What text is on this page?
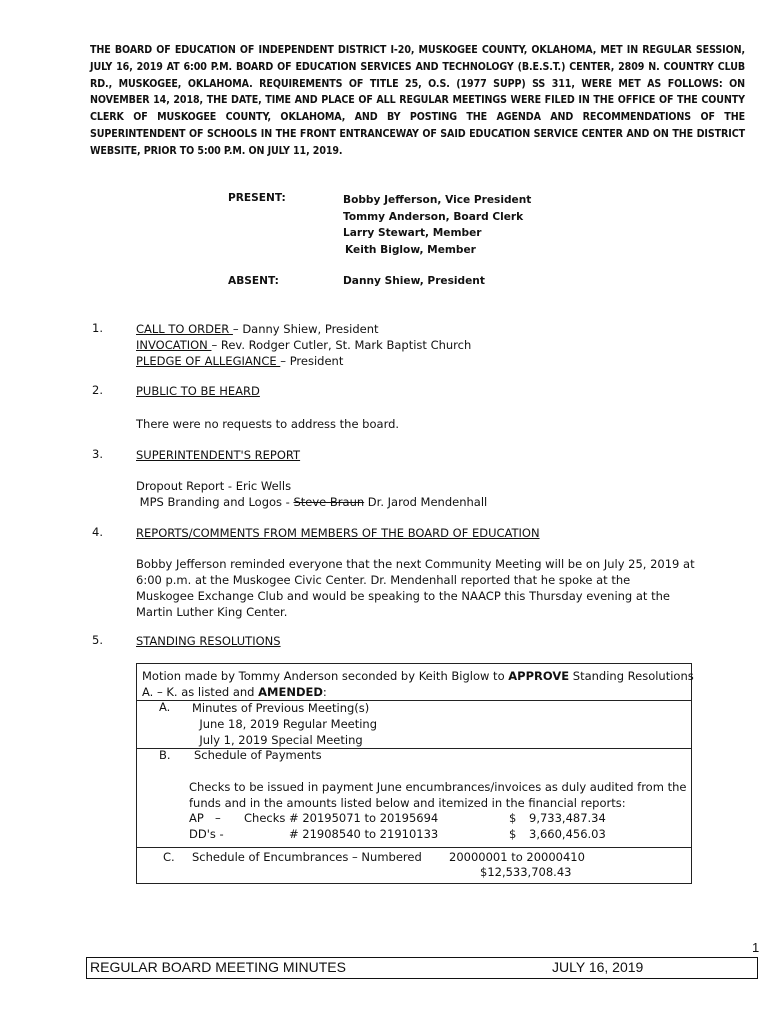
THE BOARD OF EDUCATION OF INDEPENDENT DISTRICT I-20, MUSKOGEE COUNTY, OKLAHOMA, MET IN REGULAR SESSION, JULY 16, 2019 AT 6:00 P.M. BOARD OF EDUCATION SERVICES AND TECHNOLOGY (B.E.S.T.) CENTER, 2809 N. COUNTRY CLUB RD., MUSKOGEE, OKLAHOMA. REQUIREMENTS OF TITLE 25, O.S. (1977 SUPP) SS 311, WERE MET AS FOLLOWS: ON NOVEMBER 14, 2018, THE DATE, TIME AND PLACE OF ALL REGULAR MEETINGS WERE FILED IN THE OFFICE OF THE COUNTY CLERK OF MUSKOGEE COUNTY, OKLAHOMA, AND BY POSTING THE AGENDA AND RECOMMENDATIONS OF THE SUPERINTENDENT OF SCHOOLS IN THE FRONT ENTRANCEWAY OF SAID EDUCATION SERVICE CENTER AND ON THE DISTRICT WEBSITE, PRIOR TO 5:00 P.M. ON JULY 11, 2019.
PRESENT:	Bobby Jefferson, Vice President
Tommy Anderson, Board Clerk
Larry Stewart, Member
Keith Biglow, Member
ABSENT:	Danny Shiew, President
1.	CALL TO ORDER – Danny Shiew, President
INVOCATION – Rev. Rodger Cutler, St. Mark Baptist Church
PLEDGE OF ALLEGIANCE – President
2.	PUBLIC TO BE HEARD
There were no requests to address the board.
3.	SUPERINTENDENT'S REPORT
Dropout Report - Eric Wells
MPS Branding and Logos - Steve Braun Dr. Jarod Mendenhall
4.	REPORTS/COMMENTS FROM MEMBERS OF THE BOARD OF EDUCATION
Bobby Jefferson reminded everyone that the next Community Meeting will be on July 25, 2019 at
6:00 p.m. at the Muskogee Civic Center. Dr. Mendenhall reported that he spoke at the
Muskogee Exchange Club and would be speaking to the NAACP this Thursday evening at the
Martin Luther King Center.
5.	STANDING RESOLUTIONS
Motion made by Tommy Anderson seconded by Keith Biglow to APPROVE Standing Resolutions
A. – K. as listed and AMENDED:
A. Minutes of Previous Meeting(s)
June 18, 2019 Regular Meeting
July 1, 2019 Special Meeting
B. Schedule of Payments
Checks to be issued in payment June encumbrances/invoices as duly audited from the
funds and in the amounts listed below and itemized in the financial reports:
AP – Checks # 20195071 to 20195694	$ 9,733,487.34
DD's -	# 21908540 to 21910133	$ 3,660,456.03
C. Schedule of Encumbrances – Numbered 20000001 to 20000410
$12,533,708.43
1
REGULAR BOARD MEETING MINUTES	JULY 16, 2019
